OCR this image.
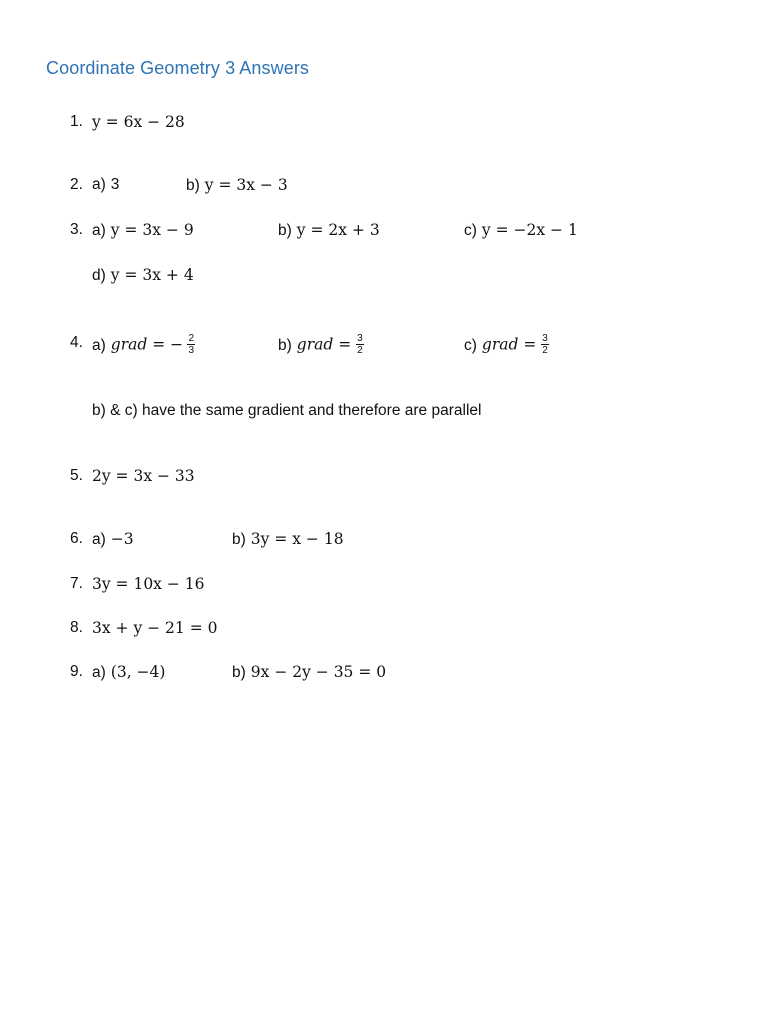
Coordinate Geometry 3 Answers
1. y = 6x − 28
2. a) 3	b) y = 3x − 3
3. a) y = 3x − 9	b) y = 2x + 3	c) y = −2x − 1
d) y = 3x + 4
4. a) grad = − $\frac{2}{3}$	b) grad = $\frac{3}{2}$	c) grad = $\frac{3}{2}$
b) & c) have the same gradient and therefore are parallel
5. 2y = 3x − 33
6. a) −3	b) 3y = x − 18
7. 3y = 10x − 16
8. 3x + y − 21 = 0
9. a) (3, −4)	b) 9x − 2y − 35 = 0
